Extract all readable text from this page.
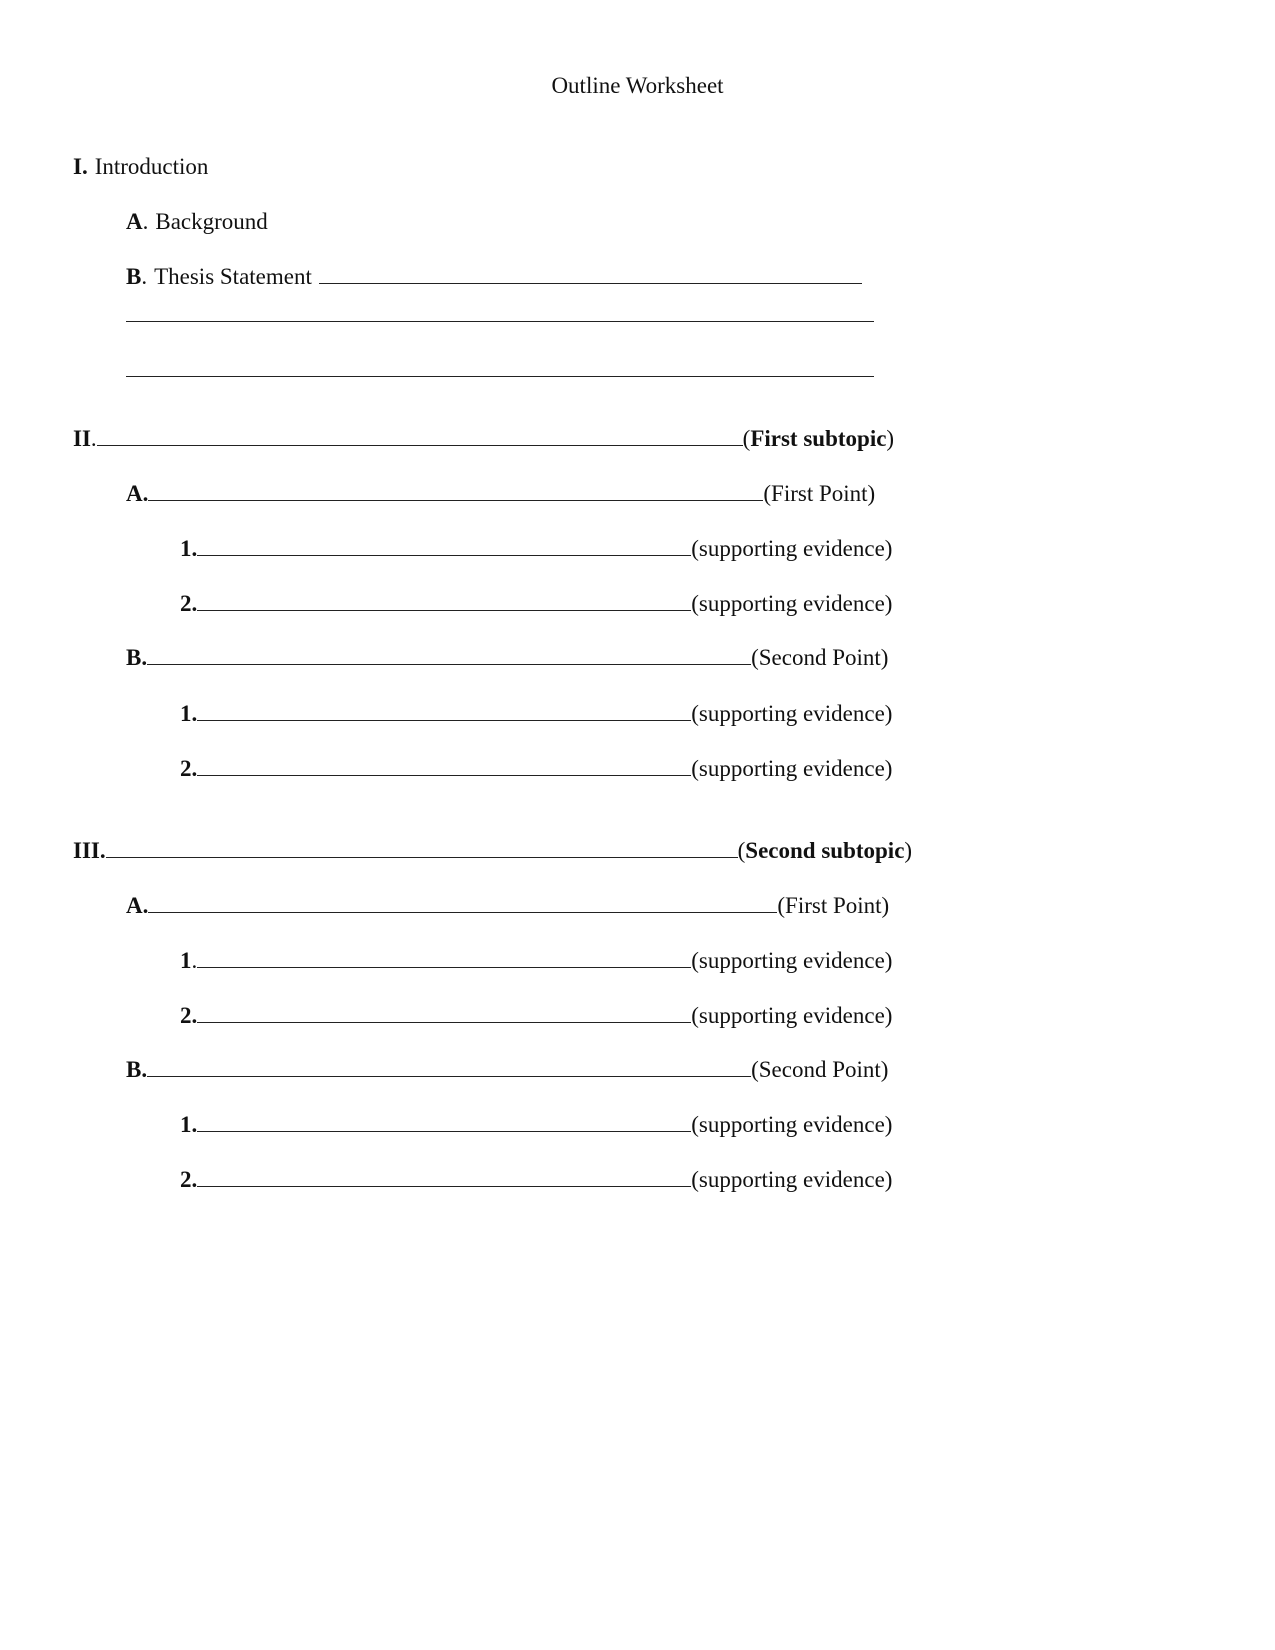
Outline Worksheet
I. Introduction
A . Background
B . Thesis Statement
II .	( First subtopic )
A.	(First Point)
1.	(supporting evidence)
2.	(supporting evidence)
B.	(Second Point)
1.	(supporting evidence)
2.	(supporting evidence)
III.	( Second subtopic )
A.	(First Point)
1 .	(supporting evidence)
2.	(supporting evidence)
B.	(Second Point)
1.	(supporting evidence)
2.	(supporting evidence)
